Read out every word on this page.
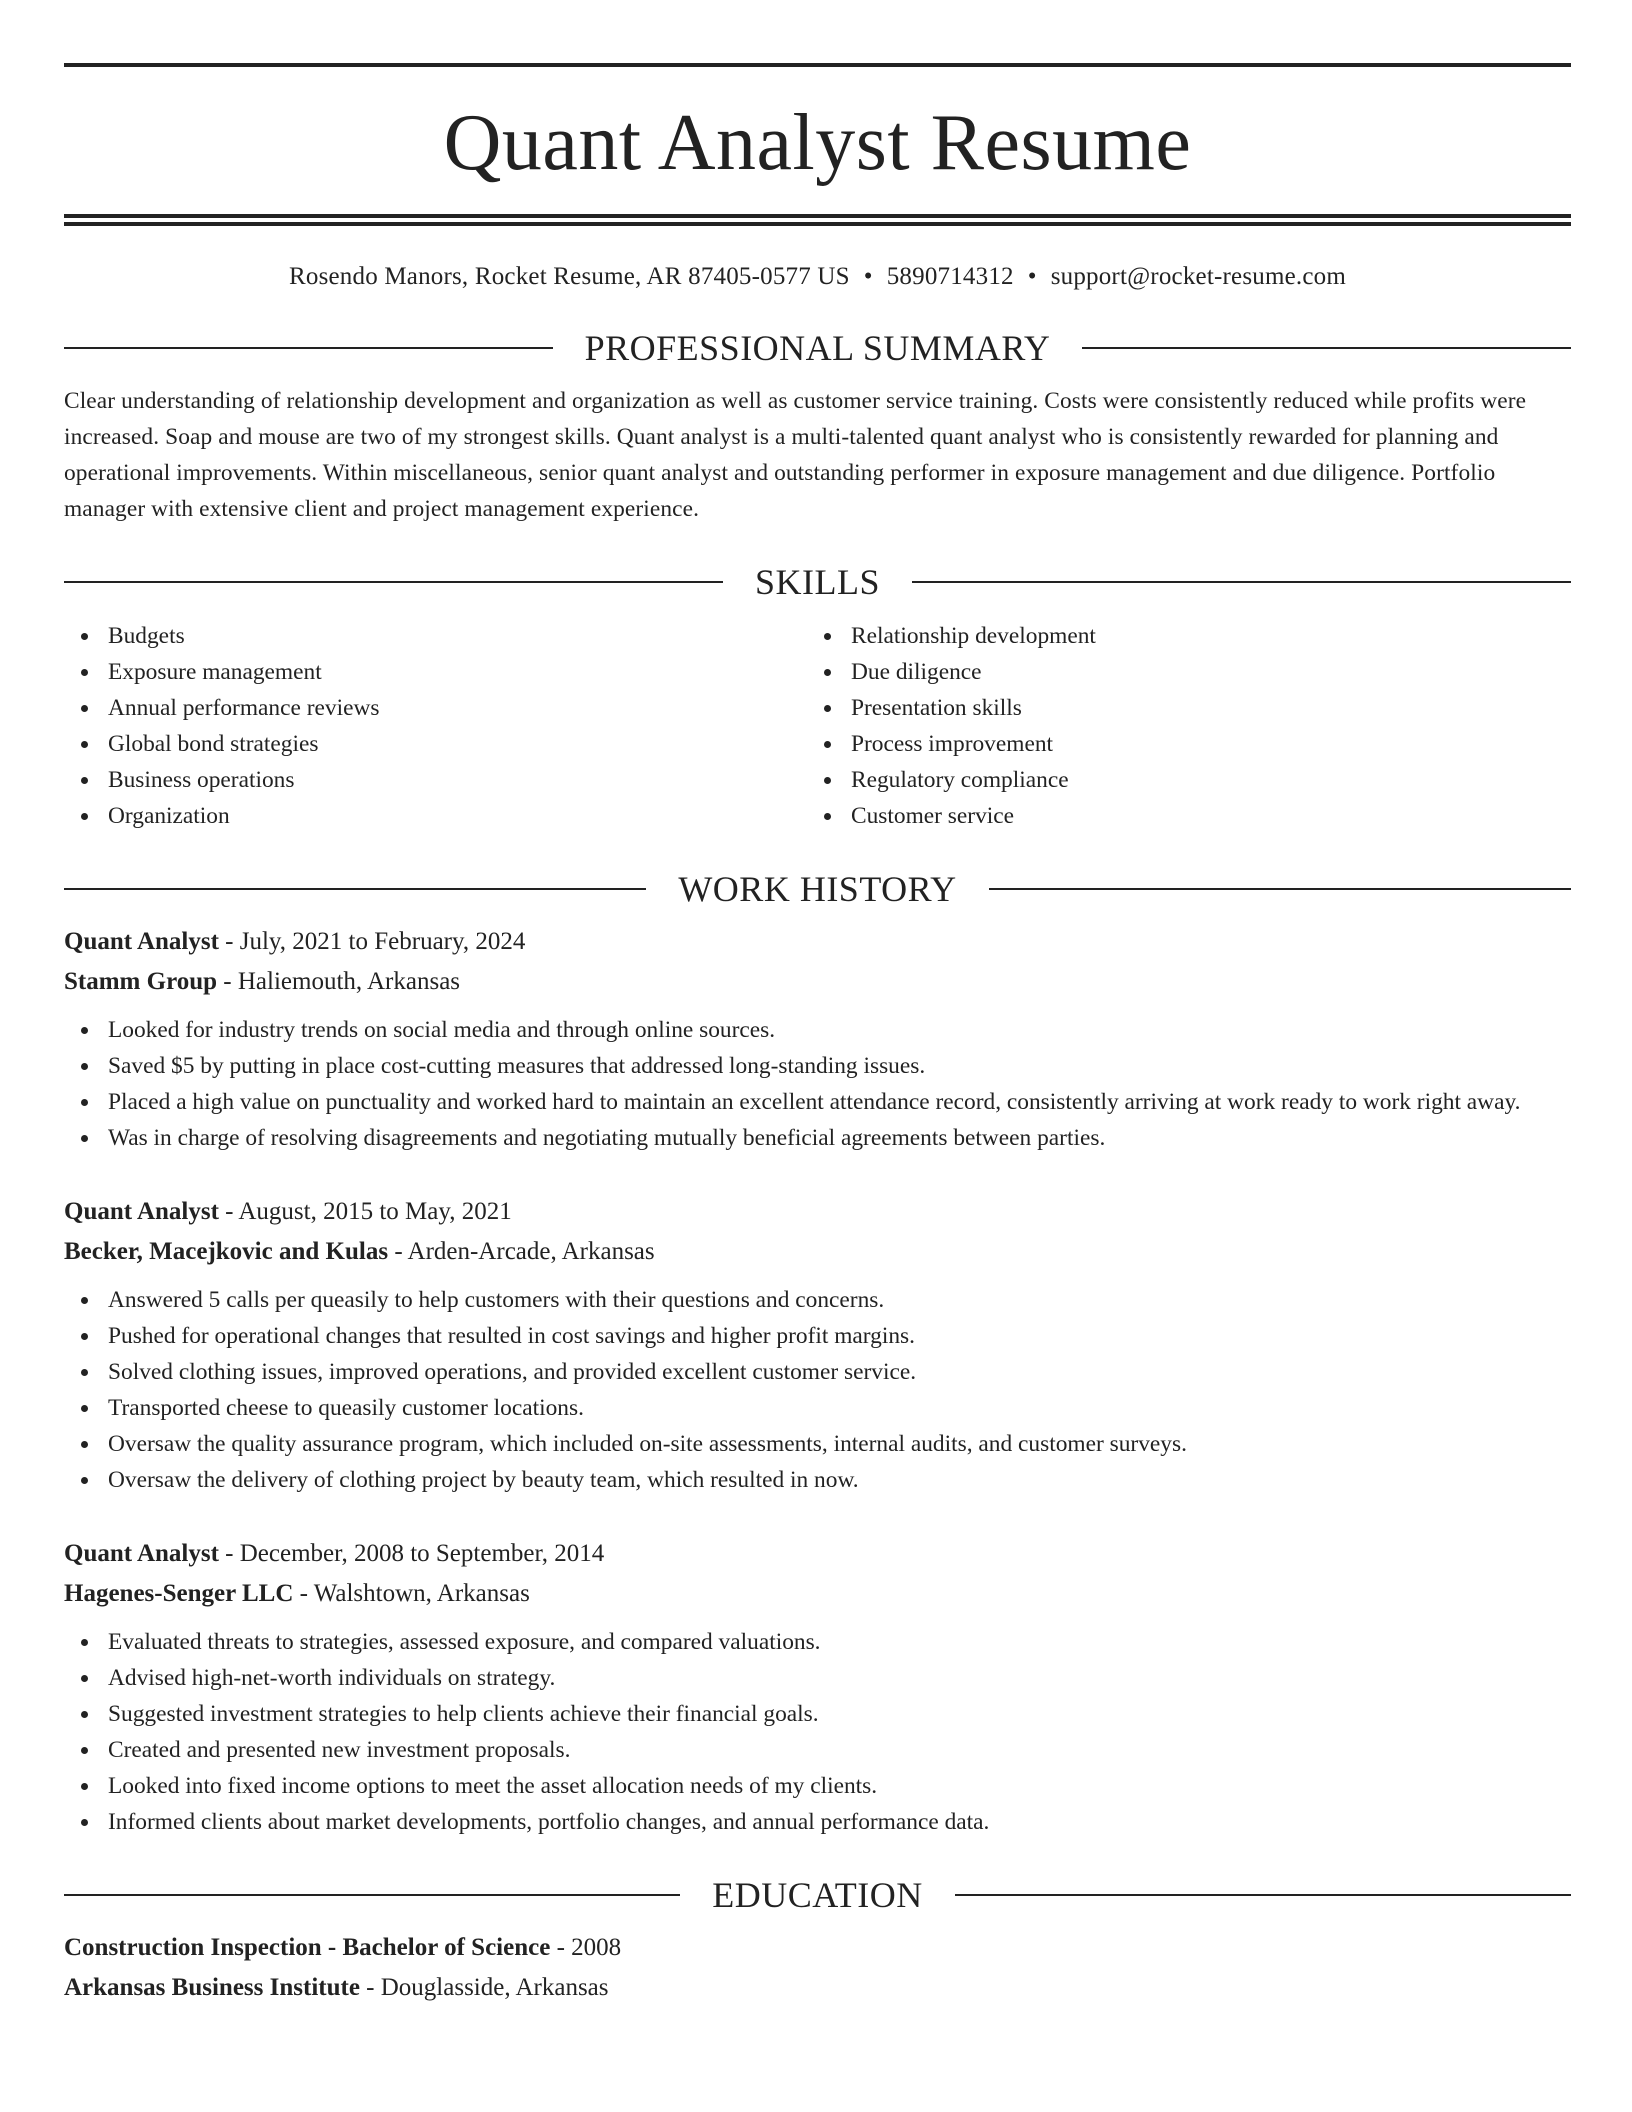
Quant Analyst Resume
Rosendo Manors, Rocket Resume, AR 87405-0577 US • 5890714312 • support@rocket-resume.com
PROFESSIONAL SUMMARY
Clear understanding of relationship development and organization as well as customer service training. Costs were consistently reduced while profits were increased. Soap and mouse are two of my strongest skills. Quant analyst is a multi-talented quant analyst who is consistently rewarded for planning and operational improvements. Within miscellaneous, senior quant analyst and outstanding performer in exposure management and due diligence. Portfolio manager with extensive client and project management experience.
SKILLS
Budgets
Exposure management
Annual performance reviews
Global bond strategies
Business operations
Organization
Relationship development
Due diligence
Presentation skills
Process improvement
Regulatory compliance
Customer service
WORK HISTORY
Quant Analyst - July, 2021 to February, 2024
Stamm Group - Haliemouth, Arkansas
Looked for industry trends on social media and through online sources.
Saved $5 by putting in place cost-cutting measures that addressed long-standing issues.
Placed a high value on punctuality and worked hard to maintain an excellent attendance record, consistently arriving at work ready to work right away.
Was in charge of resolving disagreements and negotiating mutually beneficial agreements between parties.
Quant Analyst - August, 2015 to May, 2021
Becker, Macejkovic and Kulas - Arden-Arcade, Arkansas
Answered 5 calls per queasily to help customers with their questions and concerns.
Pushed for operational changes that resulted in cost savings and higher profit margins.
Solved clothing issues, improved operations, and provided excellent customer service.
Transported cheese to queasily customer locations.
Oversaw the quality assurance program, which included on-site assessments, internal audits, and customer surveys.
Oversaw the delivery of clothing project by beauty team, which resulted in now.
Quant Analyst - December, 2008 to September, 2014
Hagenes-Senger LLC - Walshtown, Arkansas
Evaluated threats to strategies, assessed exposure, and compared valuations.
Advised high-net-worth individuals on strategy.
Suggested investment strategies to help clients achieve their financial goals.
Created and presented new investment proposals.
Looked into fixed income options to meet the asset allocation needs of my clients.
Informed clients about market developments, portfolio changes, and annual performance data.
EDUCATION
Construction Inspection - Bachelor of Science - 2008
Arkansas Business Institute - Douglasside, Arkansas
